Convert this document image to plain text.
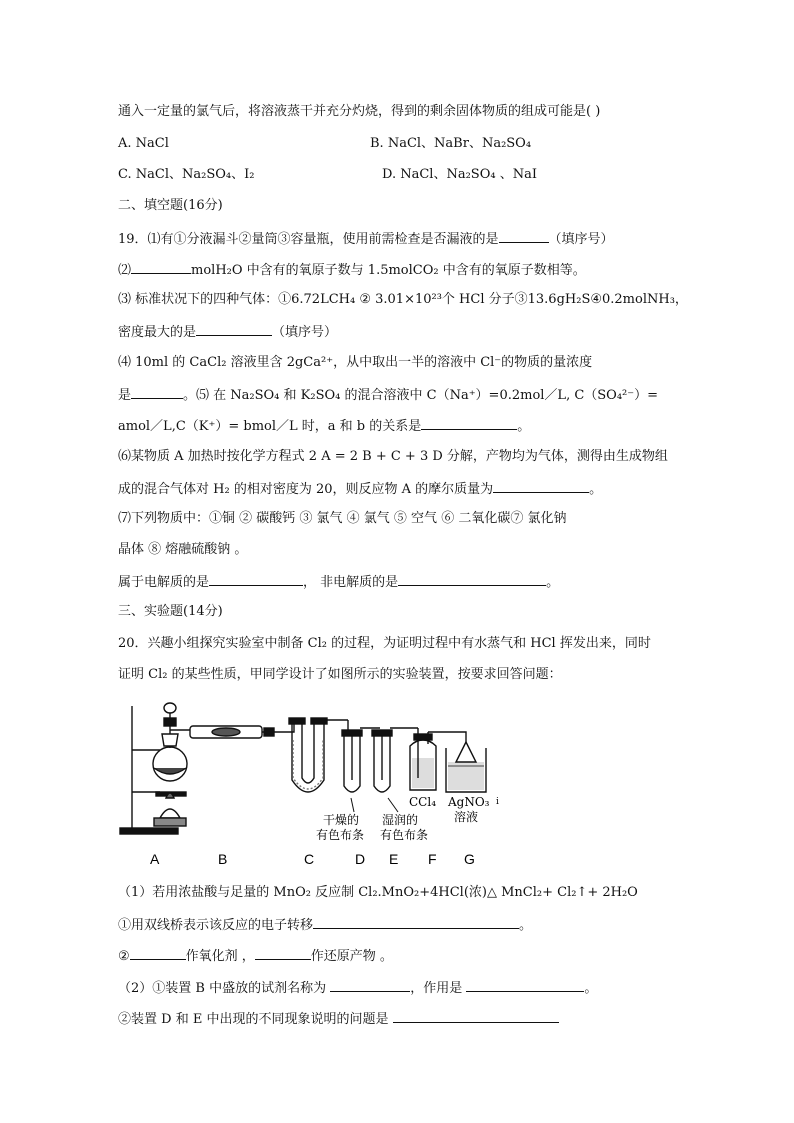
通入一定量的氯气后，将溶液蒸干并充分灼烧，得到的剩余固体物质的组成可能是( )
A. NaCl	B. NaCl、NaBr、Na₂SO₄
C. NaCl、Na₂SO₄、I₂	D. NaCl、Na₂SO₄ 、NaI
二、填空题(16分)
19．⑴有①分液漏斗②量筒③容量瓶，使用前需检查是否漏液的是	（填序号）
⑵	molH₂O 中含有的氧原子数与 1.5molCO₂ 中含有的氧原子数相等。
⑶ 标准状况下的四种气体：①6.72LCH₄ ② 3.01×10²³个 HCl 分子③13.6gH₂S④0.2molNH₃，
密度最大的是	（填序号）
⑷ 10ml 的 CaCl₂ 溶液里含 2gCa²⁺，从中取出一半的溶液中 Cl⁻的物质的量浓度
是	。⑸ 在 Na₂SO₄ 和 K₂SO₄ 的混合溶液中 C（Na⁺）=0.2mol／L, C（SO₄²⁻）=
amol／L,C（K⁺）= bmol／L 时，a 和 b 的关系是	。
⑹某物质 A 加热时按化学方程式 2 A = 2 B + C + 3 D 分解，产物均为气体，测得由生成物组
成的混合气体对 H₂ 的相对密度为 20，则反应物 A 的摩尔质量为	。
⑺下列物质中：①铜 ② 碳酸钙 ③ 氯气 ④ 氯气 ⑤ 空气 ⑥ 二氧化碳⑦ 氯化钠
晶体 ⑧ 熔融硫酸钠 。
属于电解质的是	， 非电解质的是	。
三、实验题(14分)
20．兴趣小组探究实验室中制备 Cl₂ 的过程，为证明过程中有水蒸气和 HCl 挥发出来，同时
证明 Cl₂ 的某些性质，甲同学设计了如图所示的实验装置，按要求回答问题：
干燥的
有色布条
湿润的
有色布条
CCl₄ AgNO₃
溶液
i
A	B	C	D E F G
（1）若用浓盐酸与足量的 MnO₂ 反应制 Cl₂.MnO₂+4HCl(浓)△ MnCl₂+ Cl₂↑+ 2H₂O
①用双线桥表示该反应的电子转移	。
②	作氧化剂 ，	作还原产物 。
（2）①装置 B 中盛放的试剂名称为	，作用是	。
②装置 D 和 E 中出现的不同现象说明的问题是
